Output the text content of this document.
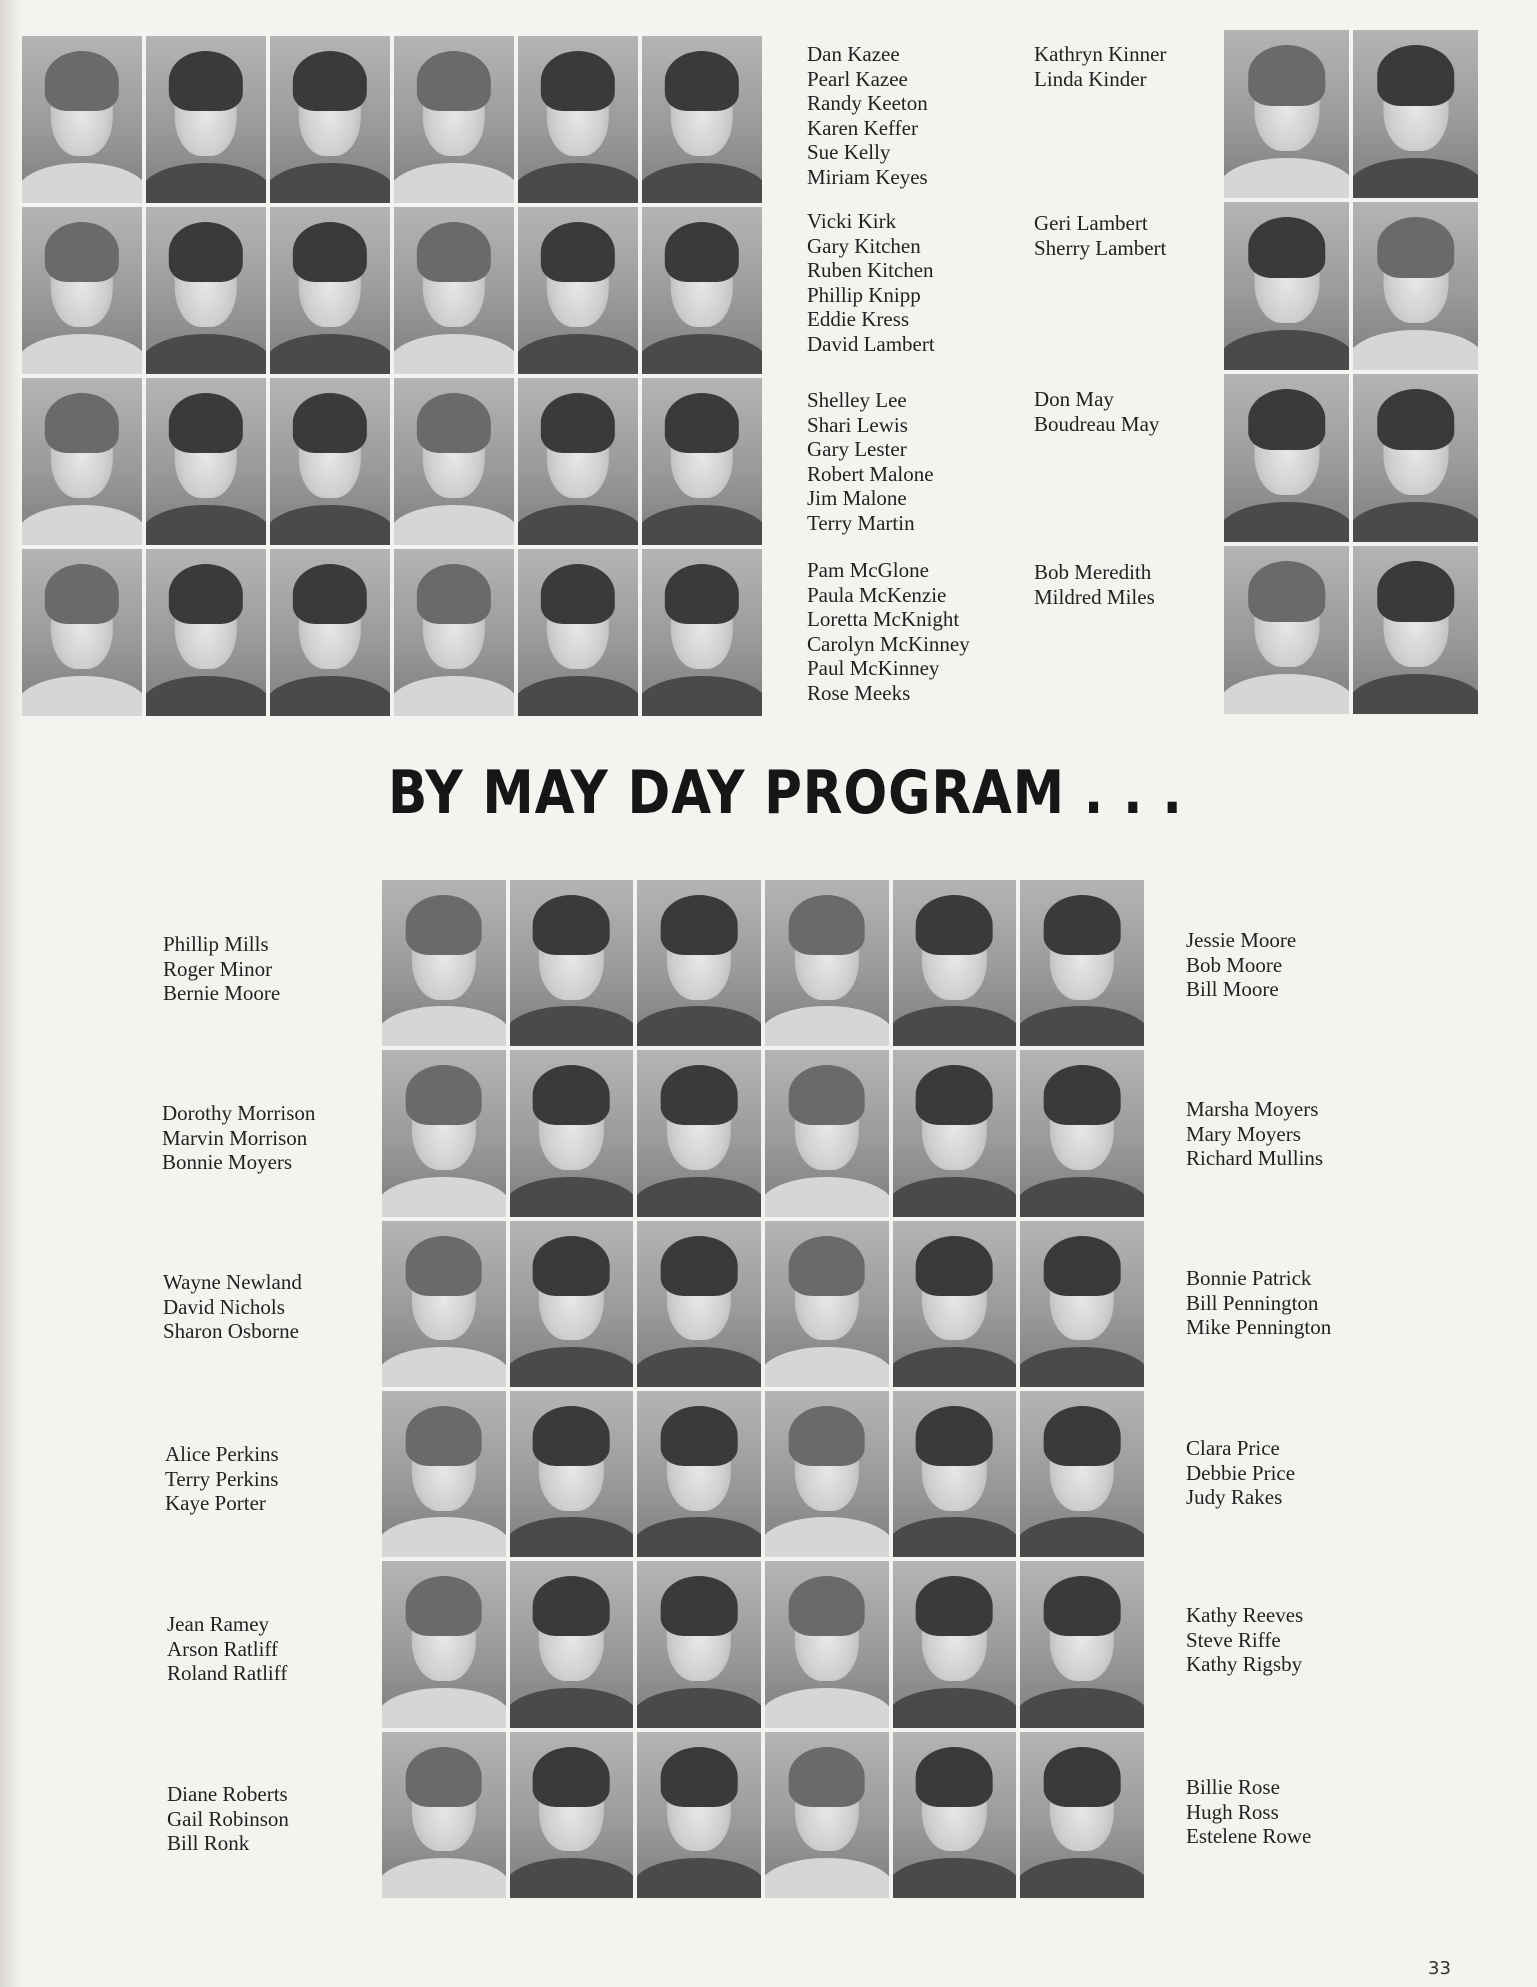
Dan Kazee
Pearl Kazee
Randy Keeton
Karen Keffer
Sue Kelly
Miriam Keyes
Vicki Kirk
Gary Kitchen
Ruben Kitchen
Phillip Knipp
Eddie Kress
David Lambert
Shelley Lee
Shari Lewis
Gary Lester
Robert Malone
Jim Malone
Terry Martin
Pam McGlone
Paula McKenzie
Loretta McKnight
Carolyn McKinney
Paul McKinney
Rose Meeks
Kathryn Kinner
Linda Kinder
Geri Lambert
Sherry Lambert
Don May
Boudreau May
Bob Meredith
Mildred Miles
BY MAY DAY PROGRAM . . .
Phillip Mills
Roger Minor
Bernie Moore
Dorothy Morrison
Marvin Morrison
Bonnie Moyers
Wayne Newland
David Nichols
Sharon Osborne
Alice Perkins
Terry Perkins
Kaye Porter
Jean Ramey
Arson Ratliff
Roland Ratliff
Diane Roberts
Gail Robinson
Bill Ronk
Jessie Moore
Bob Moore
Bill Moore
Marsha Moyers
Mary Moyers
Richard Mullins
Bonnie Patrick
Bill Pennington
Mike Pennington
Clara Price
Debbie Price
Judy Rakes
Kathy Reeves
Steve Riffe
Kathy Rigsby
Billie Rose
Hugh Ross
Estelene Rowe
33
